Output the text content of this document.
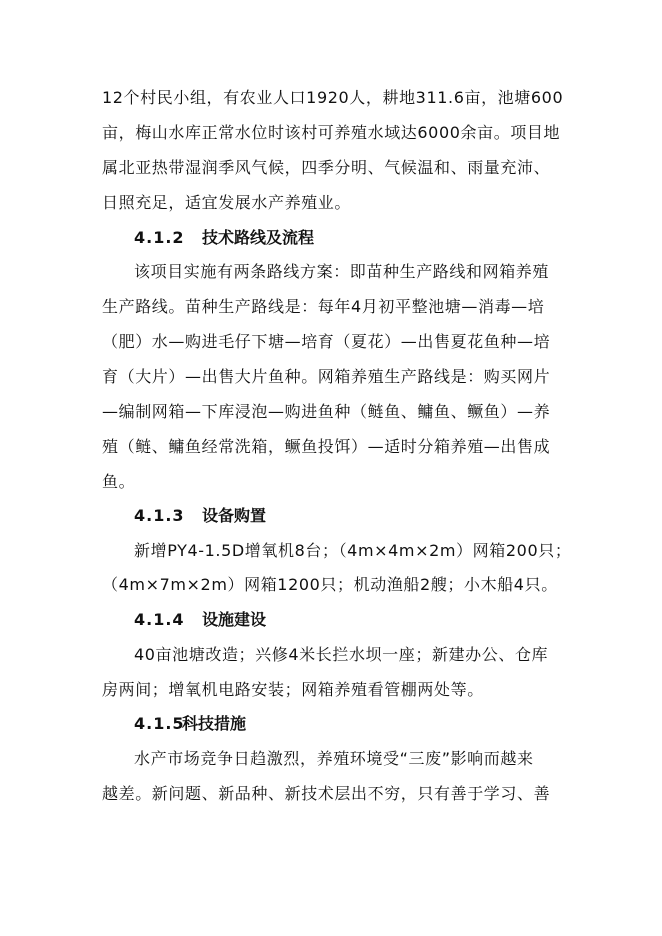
12个村民小组，有农业人口1920人，耕地311.6亩，池塘600
亩，梅山水库正常水位时该村可养殖水域达6000余亩。项目地
属北亚热带湿润季风气候，四季分明、气候温和、雨量充沛、
日照充足，适宜发展水产养殖业。
4.1.2 技术路线及流程
该项目实施有两条路线方案：即苗种生产路线和网箱养殖
生产路线。苗种生产路线是：每年4月初平整池塘—消毒—培
（肥）水—购进毛仔下塘—培育（夏花）—出售夏花鱼种—培
育（大片）—出售大片鱼种。网箱养殖生产路线是：购买网片
—编制网箱—下库浸泡—购进鱼种（鲢鱼、鳙鱼、鳜鱼）—养
殖（鲢、鳙鱼经常洗箱，鳜鱼投饵）—适时分箱养殖—出售成
鱼。
4.1.3 设备购置
新增PY4-1.5D增氧机8台；（4m×4m×2m）网箱200只；
（4m×7m×2m）网箱1200只；机动渔船2艘；小木船4只。
4.1.4 设施建设
40亩池塘改造；兴修4米长拦水坝一座；新建办公、仓库
房两间；增氧机电路安装；网箱养殖看管棚两处等。
4.1.5科技措施
水产市场竞争日趋激烈，养殖环境受“三废”影响而越来
越差。新问题、新品种、新技术层出不穷，只有善于学习、善
